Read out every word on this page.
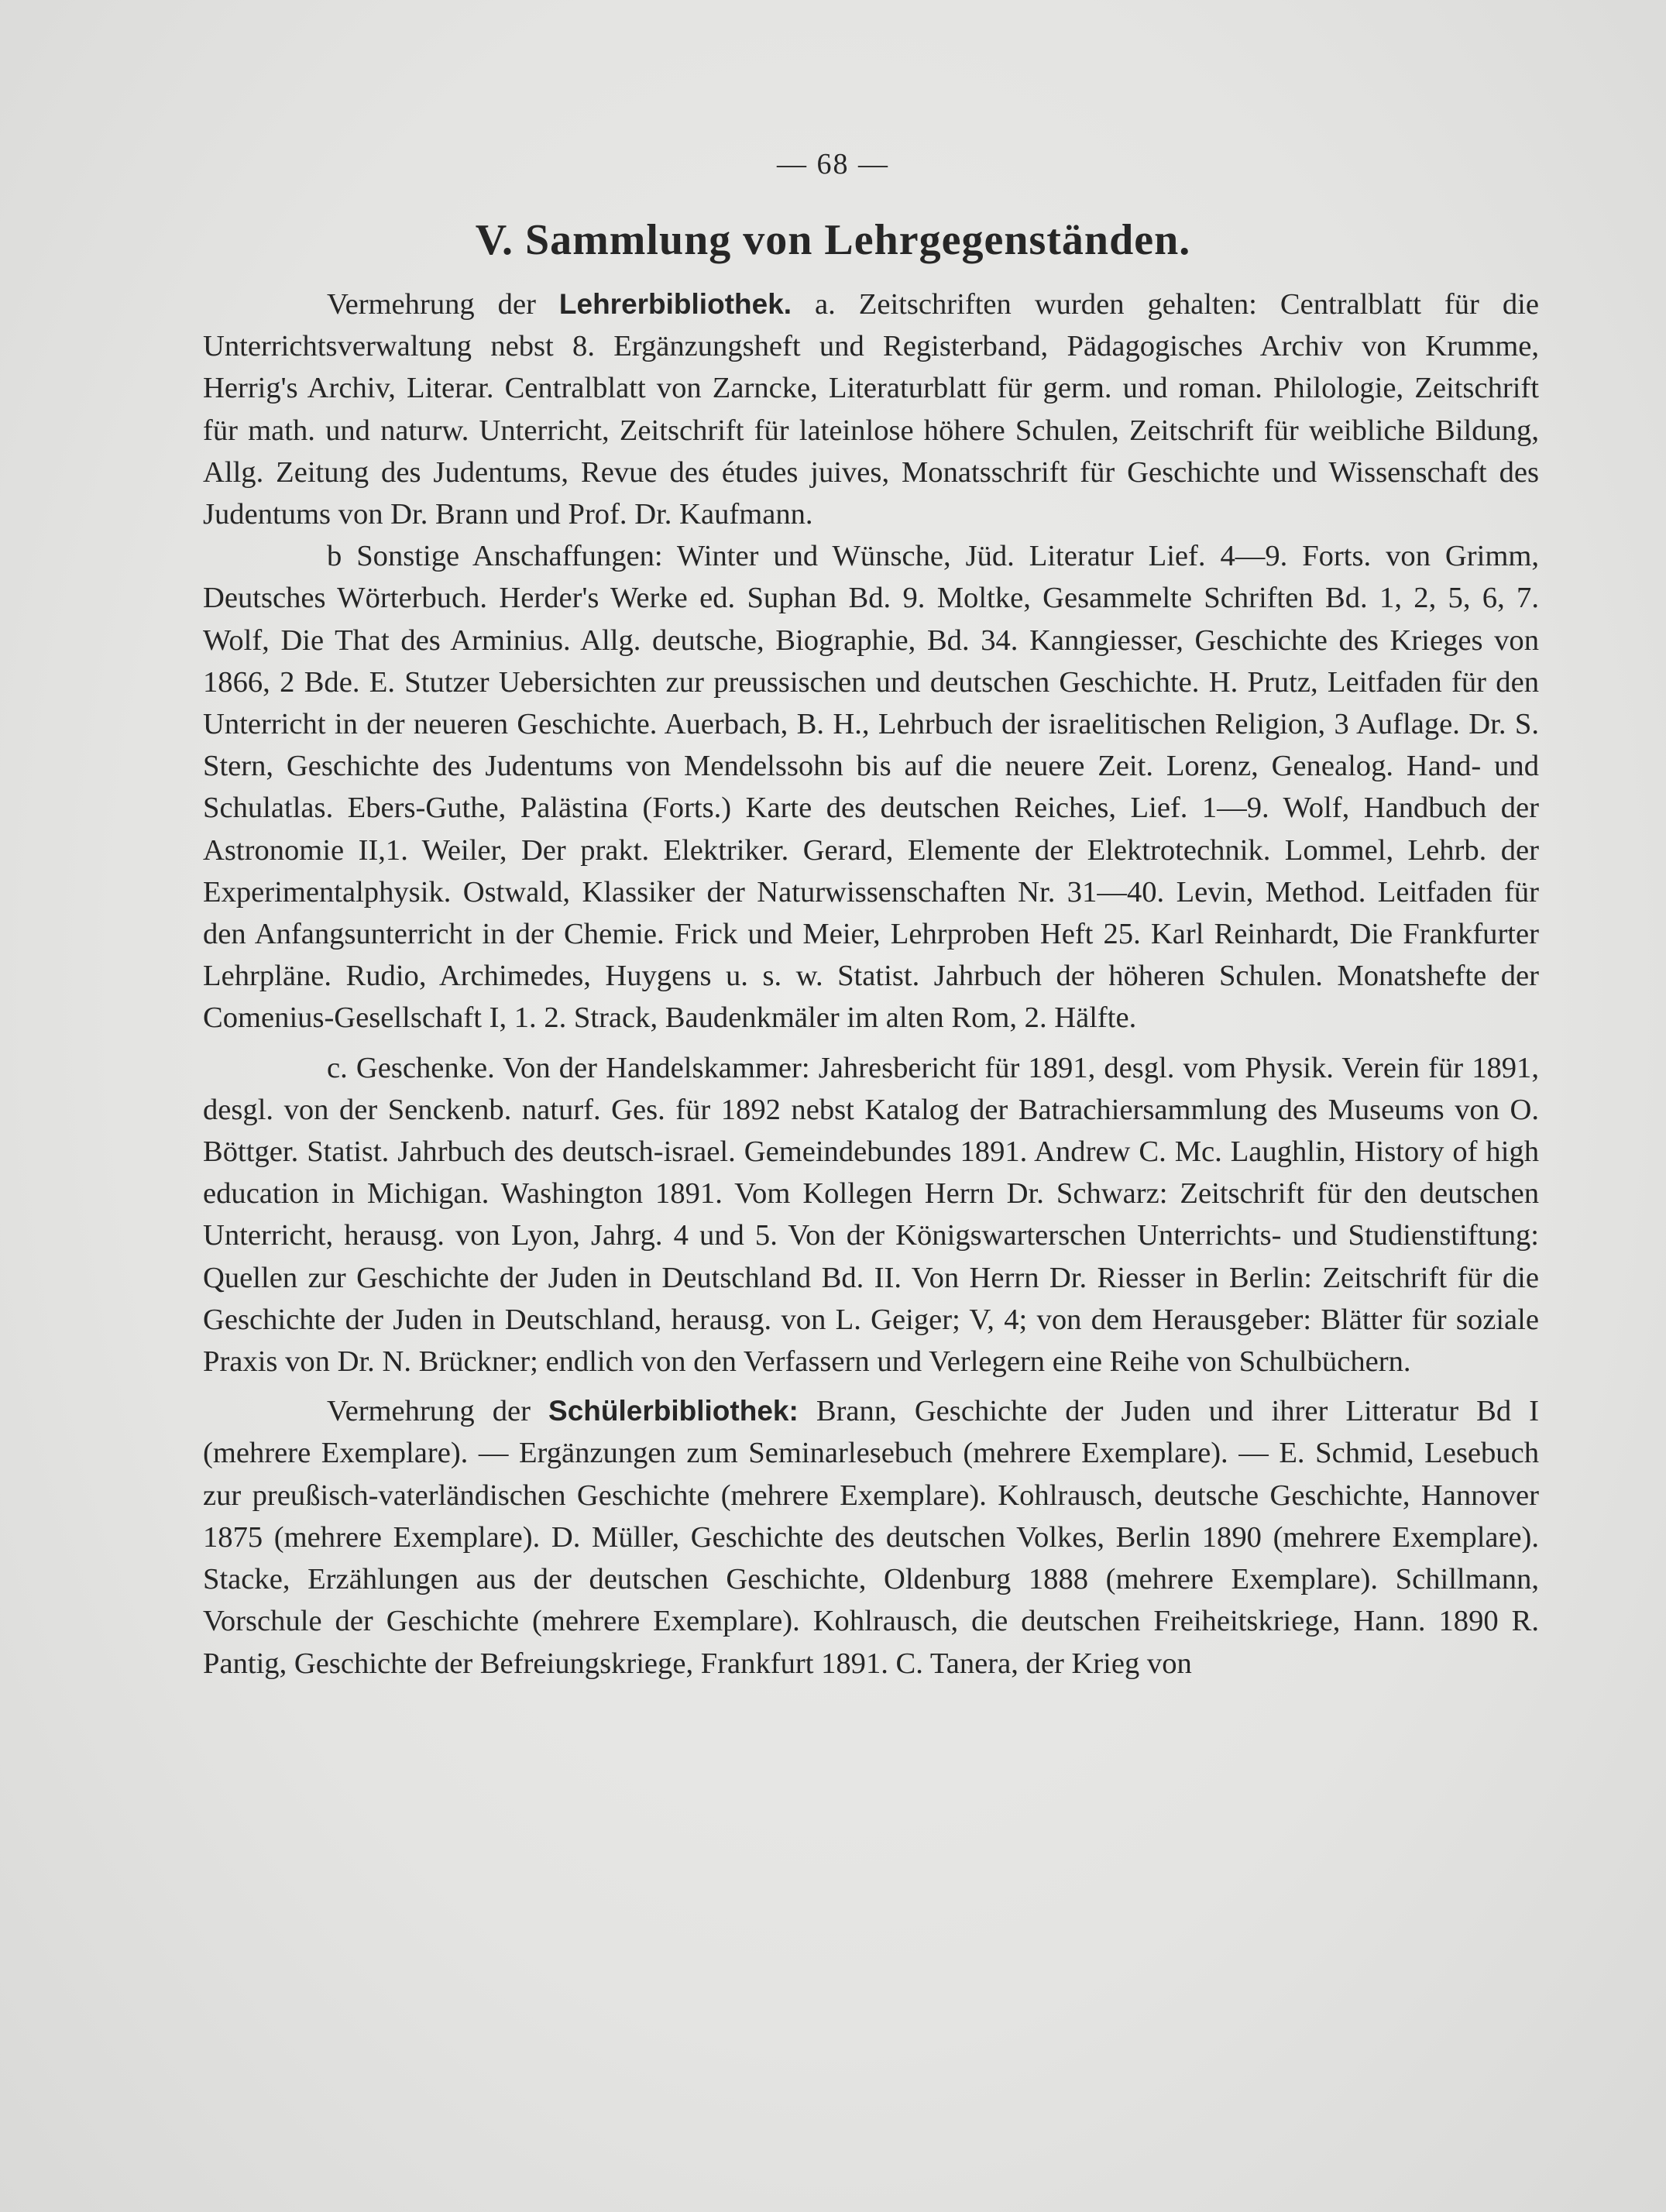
— 68 —
V. Sammlung von Lehrgegenständen.

Vermehrung der Lehrerbibliothek. a. Zeitschriften wurden gehalten: Centralblatt für die Unterrichtsverwaltung nebst 8. Ergänzungsheft und Registerband, Pädagogisches Archiv von Krumme, Herrig's Archiv, Literar. Centralblatt von Zarncke, Literaturblatt für germ. und roman. Philologie, Zeitschrift für math. und naturw. Unterricht, Zeitschrift für lateinlose höhere Schulen, Zeitschrift für weibliche Bildung, Allg. Zeitung des Judentums, Revue des études juives, Monatsschrift für Geschichte und Wissenschaft des Judentums von Dr. Brann und Prof. Dr. Kaufmann.

b Sonstige Anschaffungen: Winter und Wünsche, Jüd. Literatur Lief. 4—9. Forts. von Grimm, Deutsches Wörterbuch. Herder's Werke ed. Suphan Bd. 9. Moltke, Gesammelte Schriften Bd. 1, 2, 5, 6, 7. Wolf, Die That des Arminius. Allg. deutsche, Biographie, Bd. 34. Kanngiesser, Geschichte des Krieges von 1866, 2 Bde. E. Stutzer Uebersichten zur preussischen und deutschen Geschichte. H. Prutz, Leitfaden für den Unterricht in der neueren Geschichte. Auerbach, B. H., Lehrbuch der israelitischen Religion, 3 Auflage. Dr. S. Stern, Geschichte des Judentums von Mendelssohn bis auf die neuere Zeit. Lorenz, Genealog. Hand- und Schulatlas. Ebers-Guthe, Palästina (Forts.) Karte des deutschen Reiches, Lief. 1—9. Wolf, Handbuch der Astronomie II,1. Weiler, Der prakt. Elektriker. Gerard, Elemente der Elektrotechnik. Lommel, Lehrb. der Experimentalphysik. Ostwald, Klassiker der Naturwissenschaften Nr. 31—40. Levin, Method. Leitfaden für den Anfangsunterricht in der Chemie. Frick und Meier, Lehrproben Heft 25. Karl Reinhardt, Die Frankfurter Lehrpläne. Rudio, Archimedes, Huygens u. s. w. Statist. Jahrbuch der höheren Schulen. Monatshefte der Comenius-Gesellschaft I, 1. 2. Strack, Baudenkmäler im alten Rom, 2. Hälfte.

c. Geschenke. Von der Handelskammer: Jahresbericht für 1891, desgl. vom Physik. Verein für 1891, desgl. von der Senckenb. naturf. Ges. für 1892 nebst Katalog der Batrachiersammlung des Museums von O. Böttger. Statist. Jahrbuch des deutsch-israel. Gemeindebundes 1891. Andrew C. Mc. Laughlin, History of high education in Michigan. Washington 1891. Vom Kollegen Herrn Dr. Schwarz: Zeitschrift für den deutschen Unterricht, herausg. von Lyon, Jahrg. 4 und 5. Von der Königswarterschen Unterrichts- und Studienstiftung: Quellen zur Geschichte der Juden in Deutschland Bd. II. Von Herrn Dr. Riesser in Berlin: Zeitschrift für die Geschichte der Juden in Deutschland, herausg. von L. Geiger; V, 4; von dem Herausgeber: Blätter für soziale Praxis von Dr. N. Brückner; endlich von den Verfassern und Verlegern eine Reihe von Schulbüchern.

Vermehrung der Schülerbibliothek: Brann, Geschichte der Juden und ihrer Litteratur Bd I (mehrere Exemplare). — Ergänzungen zum Seminarlesebuch (mehrere Exemplare). — E. Schmid, Lesebuch zur preußisch-vaterländischen Geschichte (mehrere Exemplare). Kohlrausch, deutsche Geschichte, Hannover 1875 (mehrere Exemplare). D. Müller, Geschichte des deutschen Volkes, Berlin 1890 (mehrere Exemplare). Stacke, Erzählungen aus der deutschen Geschichte, Oldenburg 1888 (mehrere Exemplare). Schillmann, Vorschule der Geschichte (mehrere Exemplare). Kohlrausch, die deutschen Freiheitskriege, Hann. 1890 R. Pantig, Geschichte der Befreiungskriege, Frankfurt 1891. C. Tanera, der Krieg von
